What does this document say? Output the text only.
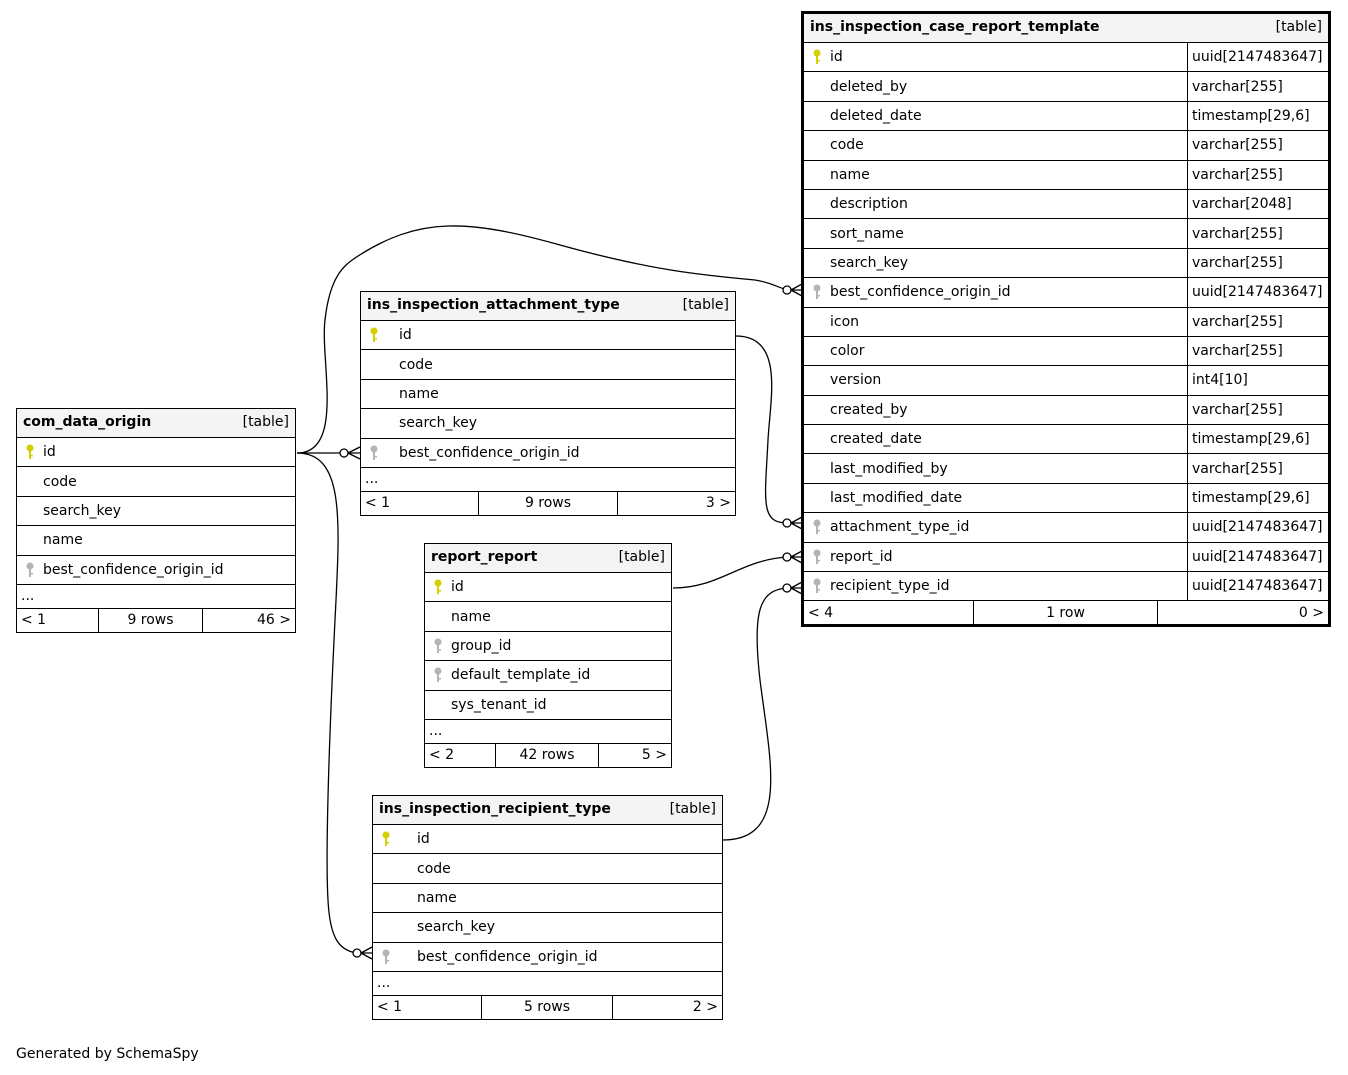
ins_inspection_case_report_template	[table]
id	uuid[2147483647]
deleted_by	varchar[255]
deleted_date	timestamp[29,6]
code	varchar[255]
name	varchar[255]
description	varchar[2048]
sort_name	varchar[255]
search_key	varchar[255]
best_confidence_origin_id	uuid[2147483647]
icon	varchar[255]
color	varchar[255]
version	int4[10]
created_by	varchar[255]
created_date	timestamp[29,6]
last_modified_by	varchar[255]
last_modified_date	timestamp[29,6]
attachment_type_id	uuid[2147483647]
report_id	uuid[2147483647]
recipient_type_id	uuid[2147483647]
< 4	1 row	0 >
ins_inspection_attachment_type	[table]
id
code
name
search_key
best_confidence_origin_id
...
< 1	9 rows	3 >
com_data_origin	[table]
id
code
search_key
name
best_confidence_origin_id
...
< 1	9 rows	46 >
report_report	[table]
id
name
group_id
default_template_id
sys_tenant_id
...
< 2	42 rows	5 >
ins_inspection_recipient_type	[table]
id
code
name
search_key
best_confidence_origin_id
...
< 1	5 rows	2 >
Generated by SchemaSpy
